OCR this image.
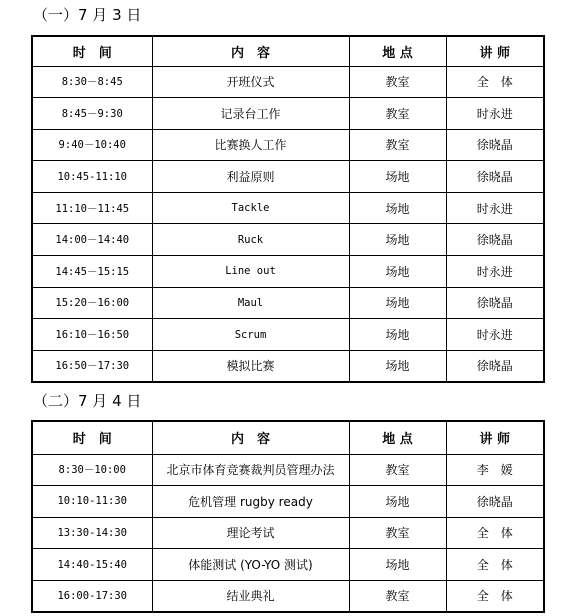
（一）7 月 3 日
时　间	内　容	地 点	讲 师
8:30－8:45	开班仪式	教室	全　体
8:45－9:30	记录台工作	教室	时永进
9:40－10:40	比赛换人工作	教室	徐晓晶
10:45-11:10	利益原则	场地	徐晓晶
11:10－11:45	Tackle	场地	时永进
14:00－14:40	Ruck	场地	徐晓晶
14:45－15:15	Line out	场地	时永进
15:20－16:00	Maul	场地	徐晓晶
16:10－16:50	Scrum	场地	时永进
16:50－17:30	模拟比赛	场地	徐晓晶
（二）7 月 4 日
时　间	内　容	地 点	讲 师
8:30－10:00	北京市体育竞赛裁判员管理办法	教室	李　媛
10:10-11:30	危机管理 rugby ready	场地	徐晓晶
13:30-14:30	理论考试	教室	全　体
14:40-15:40	体能测试 (YO-YO 测试)	场地	全　体
16:00-17:30	结业典礼	教室	全　体
